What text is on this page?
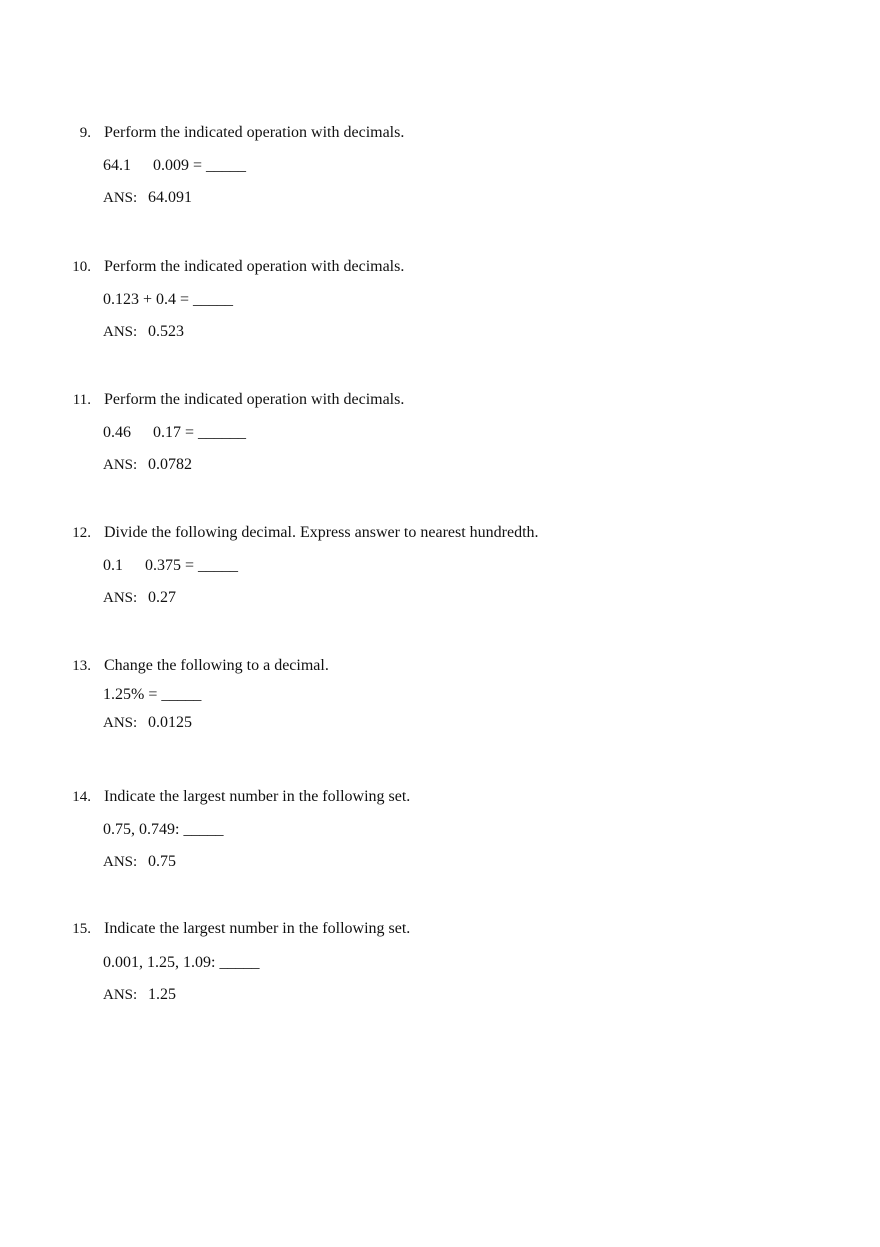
9. Perform the indicated operation with decimals.
64.1 0.009 = _____
ANS: 64.091
10. Perform the indicated operation with decimals.
0.123 + 0.4 = _____
ANS: 0.523
11. Perform the indicated operation with decimals.
0.46 0.17 = ______
ANS: 0.0782
12. Divide the following decimal. Express answer to nearest hundredth.
0.1 0.375 = _____
ANS: 0.27
13. Change the following to a decimal.
1.25% = _____
ANS: 0.0125
14. Indicate the largest number in the following set.
0.75, 0.749: _____
ANS: 0.75
15. Indicate the largest number in the following set.
0.001, 1.25, 1.09: _____
ANS: 1.25
